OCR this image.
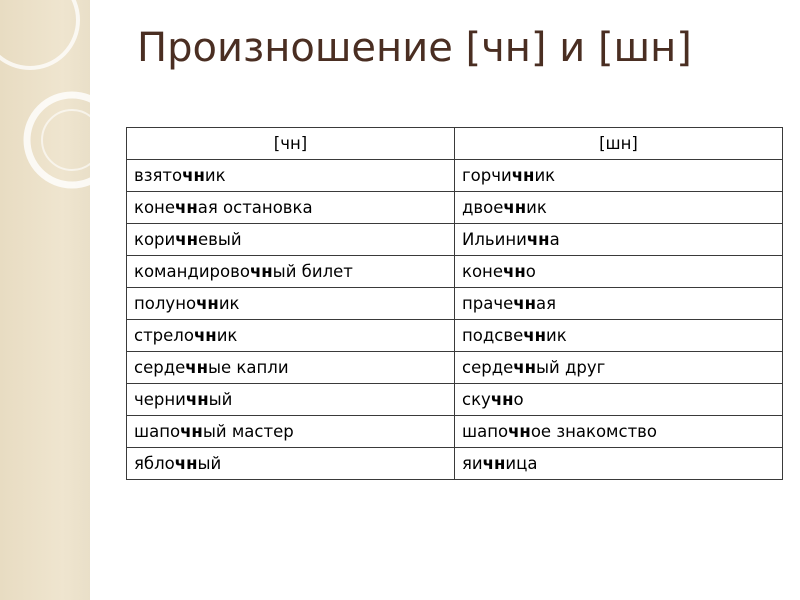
Произношение [чн] и [шн]
[чн]	[шн]
взяточник	горчичник
конечная остановка	двоечник
коричневый	Ильинична
командировочный билет	конечно
полуночник	прачечная
стрелочник	подсвечник
сердечные капли	сердечный друг
черничный	скучно
шапочный мастер	шапочное знакомство
яблочный	яичница
